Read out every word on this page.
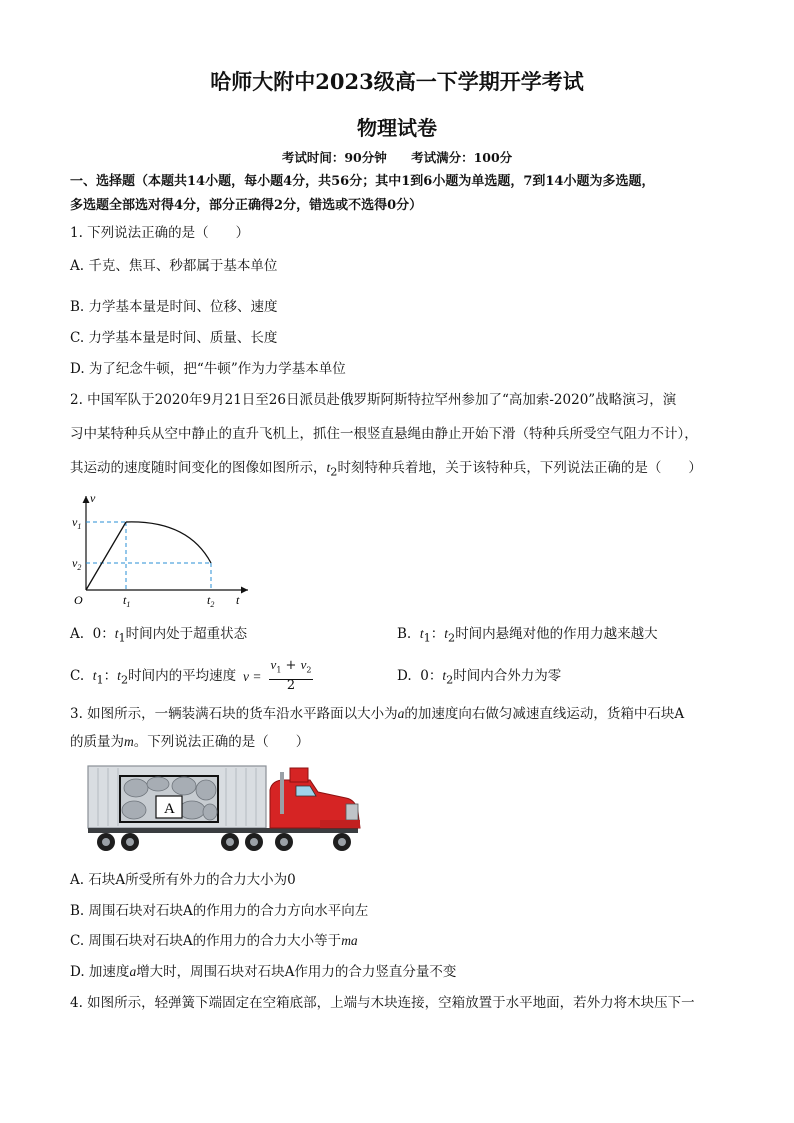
哈师大附中2023级高一下学期开学考试
物理试卷
考试时间：90分钟 考试满分：100分
一、选择题（本题共14小题，每小题4分，共56分；其中1到6小题为单选题，7到14小题为多选题，
多选题全部选对得4分，部分正确得2分，错选或不选得0分）
1. 下列说法正确的是（　　）
A. 千克、焦耳、秒都属于基本单位
B. 力学基本量是时间、位移、速度
C. 力学基本量是时间、质量、长度
D. 为了纪念牛顿，把“牛顿”作为力学基本单位
2. 中国军队于2020年9月21日至26日派员赴俄罗斯阿斯特拉罕州参加了“高加索-2020”战略演习，演
习中某特种兵从空中静止的直升飞机上，抓住一根竖直悬绳由静止开始下滑（特种兵所受空气阻力不计），
其运动的速度随时间变化的图像如图所示，$t_2$时刻特种兵着地，关于该特种兵，下列说法正确的是（　　）
v
t
O
$v_1$
$v_2$
$t_1$	$t_2$
A. 0：$t_1$时间内处于超重状态	B. $t_1$：$t_2$时间内悬绳对他的作用力越来越大
C. $t_1$：$t_2$时间内的平均速度 v =
$v_1 + v_2$
2
D. 0：$t_2$时间内合外力为零
3. 如图所示，一辆装满石块的货车沿水平路面以大小为a的加速度向右做匀减速直线运动，货箱中石块A
的质量为m。下列说法正确的是（　　）
A
A. 石块A所受所有外力的合力大小为0
B. 周围石块对石块A的作用力的合力方向水平向左
C. 周围石块对石块A的作用力的合力大小等于ma
D. 加速度a增大时，周围石块对石块A作用力的合力竖直分量不变
4. 如图所示，轻弹簧下端固定在空箱底部，上端与木块连接，空箱放置于水平地面，若外力将木块压下一
